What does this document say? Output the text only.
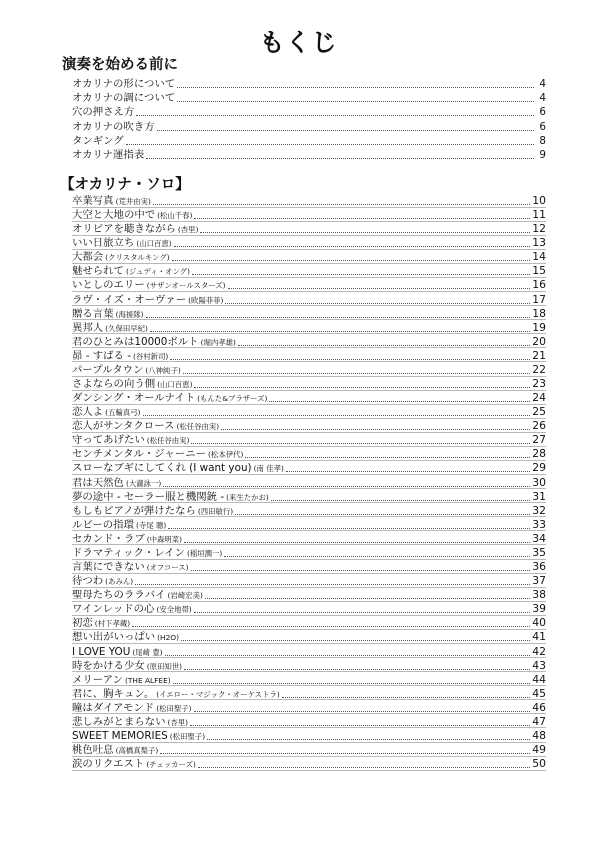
もくじ
演奏を始める前に
オカリナの形について	4
オカリナの調について	4
穴の押さえ方	6
オカリナの吹き方	6
タンギング	8
オカリナ運指表	9
【オカリナ・ソロ】
卒業写真 (荒井由実)	10
大空と大地の中で (松山千春)	11
オリビアを聴きながら (杏里)	12
いい日旅立ち (山口百恵)	13
大都会 (クリスタルキング)	14
魅せられて (ジュディ・オング)	15
いとしのエリー (サザンオールスターズ)	16
ラヴ・イズ・オーヴァー (欧陽菲菲)	17
贈る言葉 (海援隊)	18
異邦人 (久保田早紀)	19
君のひとみは10000ボルト (堀内孝雄)	20
昴 - すばる - (谷村新司)	21
パープルタウン (八神純子)	22
さよならの向う側 (山口百恵)	23
ダンシング・オールナイト (もんた&ブラザーズ)	24
恋人よ (五輪真弓)	25
恋人がサンタクロース (松任谷由実)	26
守ってあげたい (松任谷由実)	27
センチメンタル・ジャーニー (松本伊代)	28
スローなブギにしてくれ (I want you) (南 佳孝)	29
君は天然色 (大瀧詠一)	30
夢の途中 - セーラー服と機関銃 - (来生たかお)	31
もしもピアノが弾けたなら (西田敏行)	32
ルビーの指環 (寺尾 聰)	33
セカンド・ラブ (中森明菜)	34
ドラマティック・レイン (稲垣潤一)	35
言葉にできない (オフコース)	36
待つわ (あみん)	37
聖母たちのララバイ (岩崎宏美)	38
ワインレッドの心 (安全地帯)	39
初恋 (村下孝蔵)	40
想い出がいっぱい (H2O)	41
I LOVE YOU (尾崎 豊)	42
時をかける少女 (原田知世)	43
メリーアン (THE ALFEE)	44
君に、胸キュン。 (イエロー・マジック・オーケストラ)	45
瞳はダイアモンド (松田聖子)	46
悲しみがとまらない (杏里)	47
SWEET MEMORIES (松田聖子)	48
桃色吐息 (高橋真梨子)	49
涙のリクエスト (チェッカーズ)	50
